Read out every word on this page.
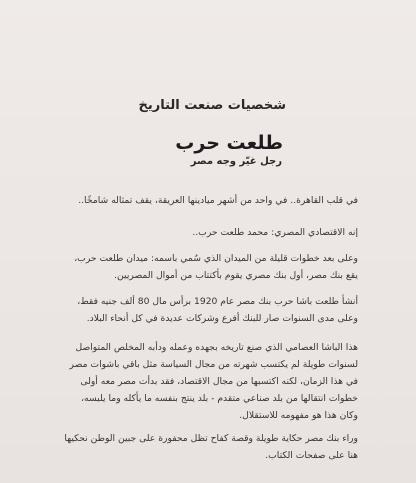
شخصيات صنعت التاريخ
طلعت حرب
رجل غيّر وجه مصر

في قلب القاهرة.. في واحد من أشهر ميادينها العريقة، يقف تمثاله شامخًا..

إنه الاقتصادي المصري: محمد طلعت حرب..

وعلى بعد خطوات قليلة من الميدان الذي سُمي باسمه: ميدان طلعت حرب، يقع بنك مصر، أول بنك مصري يقوم بأكتتاب من أموال المصريين.

أنشأ طلعت باشا حرب بنك مصر عام 1920 برأس مال 80 ألف جنيه فقط، وعلى مدى السنوات صار للبنك أفرع وشركات عديدة في كل أنحاء البلاد.

هذا الباشا العصامي الذي صنع تاريخه بجهده وعمله ودأبه المخلص المتواصل لسنوات طويلة لم يكتسب شهرته من مجال السياسة مثل باقي باشوات مصر في هذا الزمان، لكنه اكتسبها من مجال الاقتصاد، فقد بدأت مصر معه أولى خطوات انتقالها من بلد صناعي متقدم - بلد ينتج بنفسه ما يأكله وما يلبسه، وكان هذا هو مفهومه للاستقلال.

وراء بنك مصر حكاية طويلة وقصة كفاح تظل محفورة على جبين الوطن نحكيها هنا على صفحات الكتاب.
